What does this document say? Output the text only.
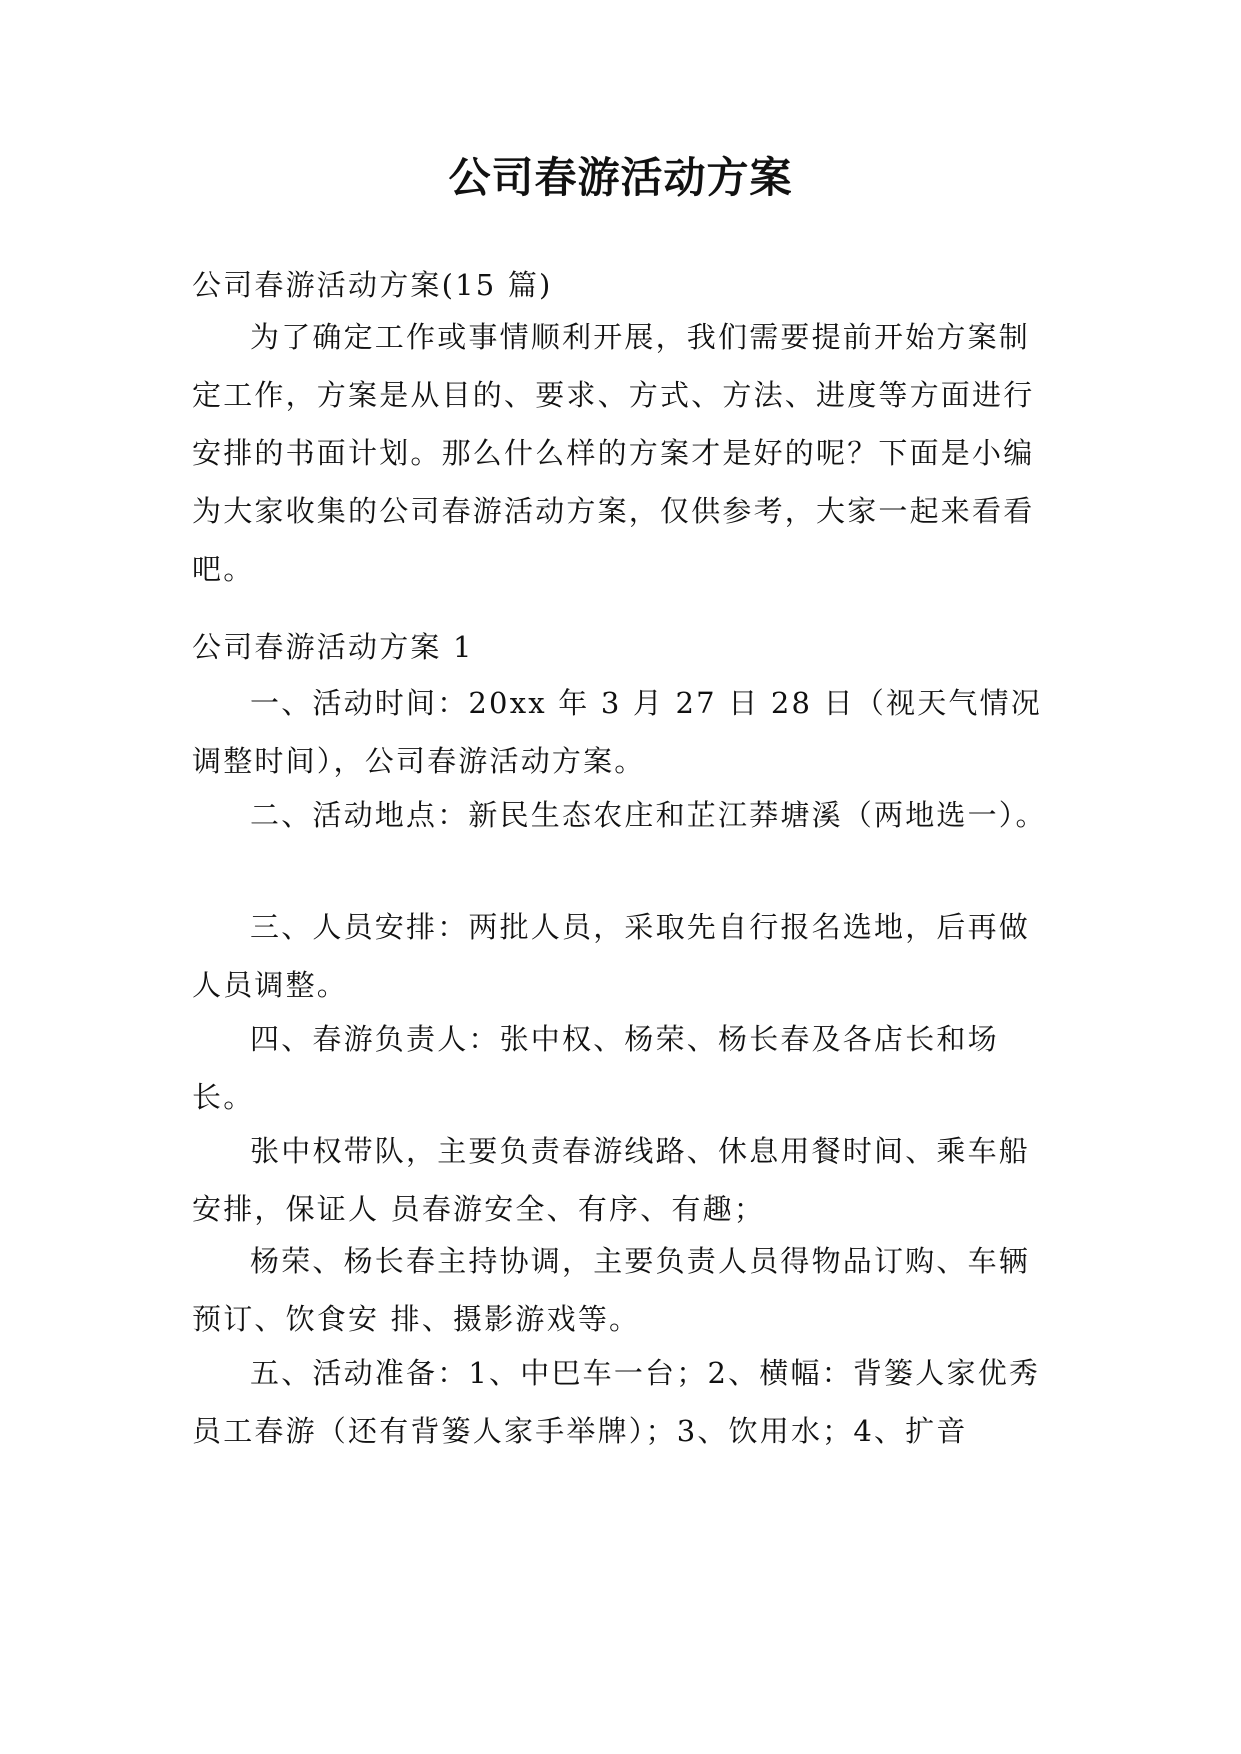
公司春游活动方案

公司春游活动方案(15 篇)

为了确定工作或事情顺利开展，我们需要提前开始方案制定工作，方案是从目的、要求、方式、方法、进度等方面进行安排的书面计划。那么什么样的方案才是好的呢？下面是小编为大家收集的公司春游活动方案，仅供参考，大家一起来看看吧。

公司春游活动方案 1

一、活动时间：20xx 年 3 月 27 日 28 日（视天气情况调整时间），公司春游活动方案。

二、活动地点：新民生态农庄和芷江莽塘溪（两地选一）。

三、人员安排：两批人员，采取先自行报名选地，后再做人员调整。

四、春游负责人：张中权、杨荣、杨长春及各店长和场长。

张中权带队，主要负责春游线路、休息用餐时间、乘车船安排，保证人 员春游安全、有序、有趣；

杨荣、杨长春主持协调，主要负责人员得物品订购、车辆预订、饮食安 排、摄影游戏等。

五、活动准备：1、中巴车一台；2、横幅：背篓人家优秀员工春游（还有背篓人家手举牌）；3、饮用水；4、扩音
